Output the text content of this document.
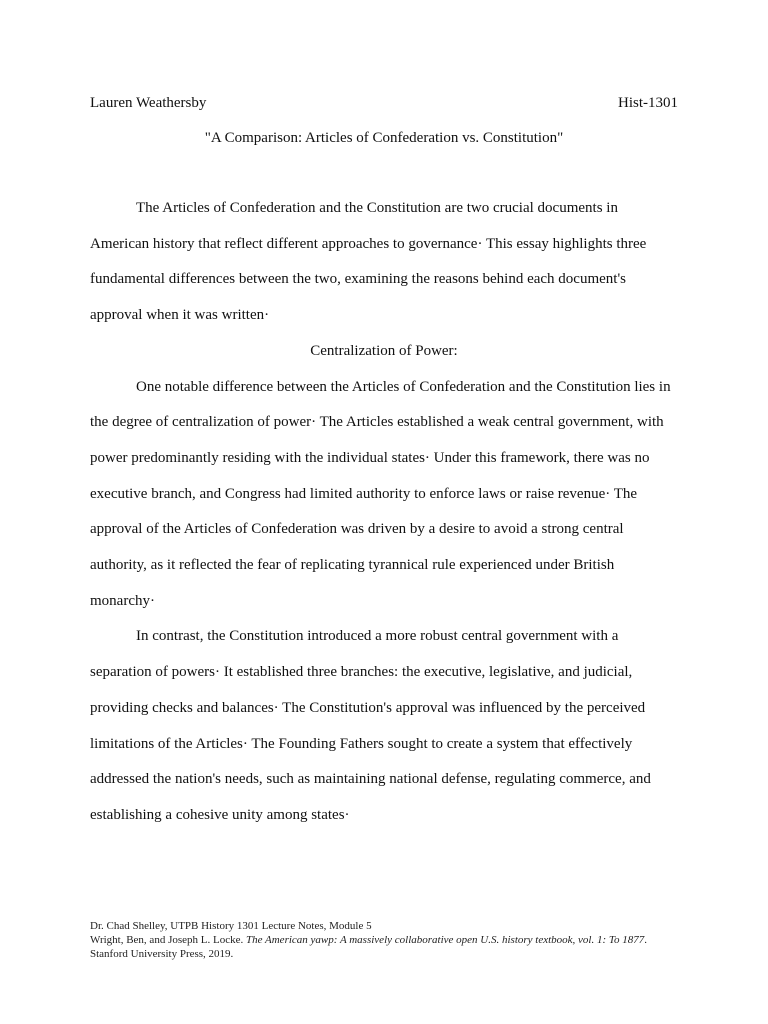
Lauren Weathersby	Hist-1301
"A Comparison: Articles of Confederation vs. Constitution"

The Articles of Confederation and the Constitution are two crucial documents in American history that reflect different approaches to governance· This essay highlights three fundamental differences between the two, examining the reasons behind each document's approval when it was written·

Centralization of Power:

One notable difference between the Articles of Confederation and the Constitution lies in the degree of centralization of power· The Articles established a weak central government, with power predominantly residing with the individual states· Under this framework, there was no executive branch, and Congress had limited authority to enforce laws or raise revenue· The approval of the Articles of Confederation was driven by a desire to avoid a strong central authority, as it reflected the fear of replicating tyrannical rule experienced under British monarchy·

In contrast, the Constitution introduced a more robust central government with a separation of powers· It established three branches: the executive, legislative, and judicial, providing checks and balances· The Constitution's approval was influenced by the perceived limitations of the Articles· The Founding Fathers sought to create a system that effectively addressed the nation's needs, such as maintaining national defense, regulating commerce, and establishing a cohesive unity among states·

Dr. Chad Shelley, UTPB History 1301 Lecture Notes, Module 5
Wright, Ben, and Joseph L. Locke. The American yawp: A massively collaborative open U.S. history textbook, vol. 1: To 1877.
Stanford University Press, 2019.
